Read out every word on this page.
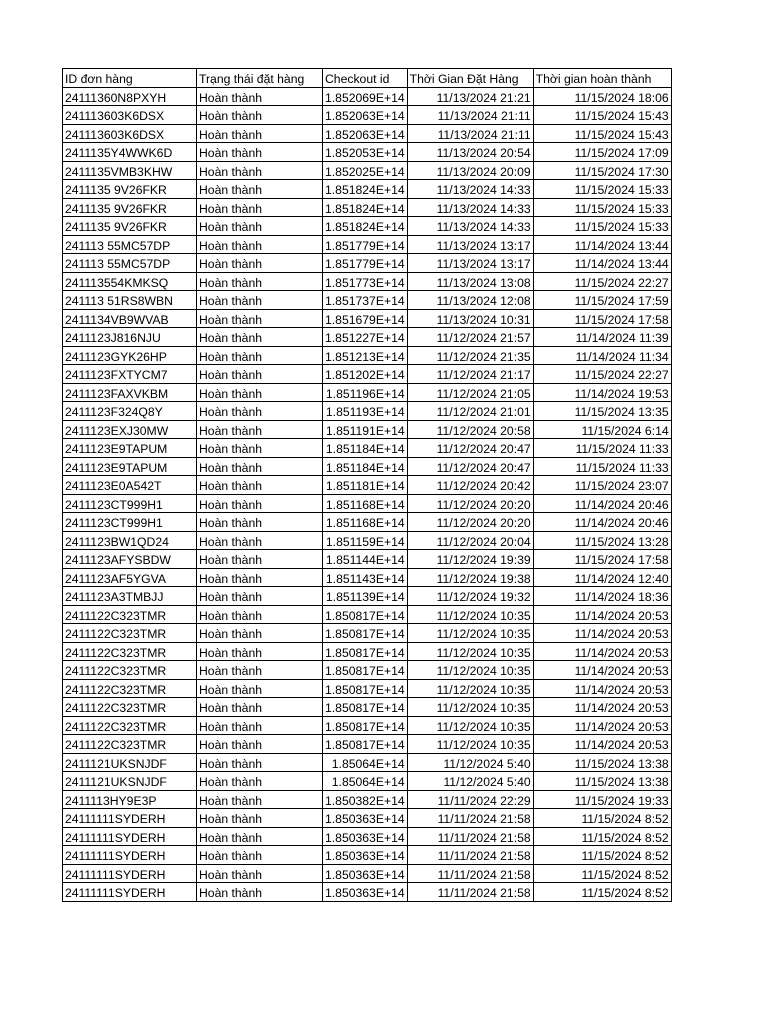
ID đơn hàng	Trạng thái đặt hàng	Checkout id	Thời Gian Đặt Hàng	Thời gian hoàn thành
24111360N8PXYH	Hoàn thành	1.852069E+14	11/13/2024 21:21	11/15/2024 18:06
241113603K6DSX	Hoàn thành	1.852063E+14	11/13/2024 21:11	11/15/2024 15:43
241113603K6DSX	Hoàn thành	1.852063E+14	11/13/2024 21:11	11/15/2024 15:43
2411135Y4WWK6D	Hoàn thành	1.852053E+14	11/13/2024 20:54	11/15/2024 17:09
2411135VMB3KHW	Hoàn thành	1.852025E+14	11/13/2024 20:09	11/15/2024 17:30
2411135 9V26FKR	Hoàn thành	1.851824E+14	11/13/2024 14:33	11/15/2024 15:33
2411135 9V26FKR	Hoàn thành	1.851824E+14	11/13/2024 14:33	11/15/2024 15:33
2411135 9V26FKR	Hoàn thành	1.851824E+14	11/13/2024 14:33	11/15/2024 15:33
241113 55MC57DP	Hoàn thành	1.851779E+14	11/13/2024 13:17	11/14/2024 13:44
241113 55MC57DP	Hoàn thành	1.851779E+14	11/13/2024 13:17	11/14/2024 13:44
241113554KMKSQ	Hoàn thành	1.851773E+14	11/13/2024 13:08	11/15/2024 22:27
241113 51RS8WBN	Hoàn thành	1.851737E+14	11/13/2024 12:08	11/15/2024 17:59
2411134VB9WVAB	Hoàn thành	1.851679E+14	11/13/2024 10:31	11/15/2024 17:58
2411123J816NJU	Hoàn thành	1.851227E+14	11/12/2024 21:57	11/14/2024 11:39
2411123GYK26HP	Hoàn thành	1.851213E+14	11/12/2024 21:35	11/14/2024 11:34
2411123FXTYCM7	Hoàn thành	1.851202E+14	11/12/2024 21:17	11/15/2024 22:27
2411123FAXVKBM	Hoàn thành	1.851196E+14	11/12/2024 21:05	11/14/2024 19:53
2411123F324Q8Y	Hoàn thành	1.851193E+14	11/12/2024 21:01	11/15/2024 13:35
2411123EXJ30MW	Hoàn thành	1.851191E+14	11/12/2024 20:58	11/15/2024 6:14
2411123E9TAPUM	Hoàn thành	1.851184E+14	11/12/2024 20:47	11/15/2024 11:33
2411123E9TAPUM	Hoàn thành	1.851184E+14	11/12/2024 20:47	11/15/2024 11:33
2411123E0A542T	Hoàn thành	1.851181E+14	11/12/2024 20:42	11/15/2024 23:07
2411123CT999H1	Hoàn thành	1.851168E+14	11/12/2024 20:20	11/14/2024 20:46
2411123CT999H1	Hoàn thành	1.851168E+14	11/12/2024 20:20	11/14/2024 20:46
2411123BW1QD24	Hoàn thành	1.851159E+14	11/12/2024 20:04	11/15/2024 13:28
2411123AFYSBDW	Hoàn thành	1.851144E+14	11/12/2024 19:39	11/15/2024 17:58
2411123AF5YGVA	Hoàn thành	1.851143E+14	11/12/2024 19:38	11/14/2024 12:40
2411123A3TMBJJ	Hoàn thành	1.851139E+14	11/12/2024 19:32	11/14/2024 18:36
2411122C323TMR	Hoàn thành	1.850817E+14	11/12/2024 10:35	11/14/2024 20:53
2411122C323TMR	Hoàn thành	1.850817E+14	11/12/2024 10:35	11/14/2024 20:53
2411122C323TMR	Hoàn thành	1.850817E+14	11/12/2024 10:35	11/14/2024 20:53
2411122C323TMR	Hoàn thành	1.850817E+14	11/12/2024 10:35	11/14/2024 20:53
2411122C323TMR	Hoàn thành	1.850817E+14	11/12/2024 10:35	11/14/2024 20:53
2411122C323TMR	Hoàn thành	1.850817E+14	11/12/2024 10:35	11/14/2024 20:53
2411122C323TMR	Hoàn thành	1.850817E+14	11/12/2024 10:35	11/14/2024 20:53
2411122C323TMR	Hoàn thành	1.850817E+14	11/12/2024 10:35	11/14/2024 20:53
2411121UKSNJDF	Hoàn thành	1.85064E+14	11/12/2024 5:40	11/15/2024 13:38
2411121UKSNJDF	Hoàn thành	1.85064E+14	11/12/2024 5:40	11/15/2024 13:38
2411113HY9E3P	Hoàn thành	1.850382E+14	11/11/2024 22:29	11/15/2024 19:33
24111111SYDERH	Hoàn thành	1.850363E+14	11/11/2024 21:58	11/15/2024 8:52
24111111SYDERH	Hoàn thành	1.850363E+14	11/11/2024 21:58	11/15/2024 8:52
24111111SYDERH	Hoàn thành	1.850363E+14	11/11/2024 21:58	11/15/2024 8:52
24111111SYDERH	Hoàn thành	1.850363E+14	11/11/2024 21:58	11/15/2024 8:52
24111111SYDERH	Hoàn thành	1.850363E+14	11/11/2024 21:58	11/15/2024 8:52
